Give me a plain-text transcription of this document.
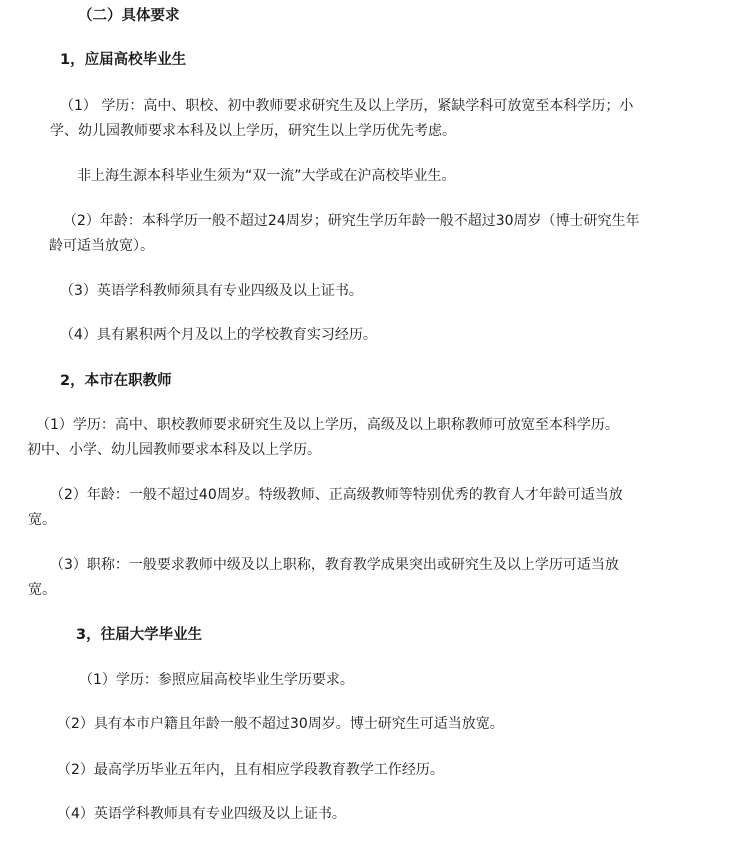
（二）具体要求
1，应届高校毕业生
（1） 学历：高中、职校、初中教师要求研究生及以上学历，紧缺学科可放宽至本科学历；小
学、幼儿园教师要求本科及以上学历，研究生以上学历优先考虑。
非上海生源本科毕业生须为“双一流”大学或在沪高校毕业生。
（2）年龄：本科学历一般不超过24周岁；研究生学历年龄一般不超过30周岁（博士研究生年
龄可适当放宽）。
（3）英语学科教师须具有专业四级及以上证书。
（4）具有累积两个月及以上的学校教育实习经历。
2，本市在职教师
（1）学历：高中、职校教师要求研究生及以上学历，高级及以上职称教师可放宽至本科学历。
初中、小学、幼儿园教师要求本科及以上学历。
（2）年龄：一般不超过40周岁。特级教师、正高级教师等特别优秀的教育人才年龄可适当放
宽。
（3）职称：一般要求教师中级及以上职称，教育教学成果突出或研究生及以上学历可适当放
宽。
3，往届大学毕业生
（1）学历：参照应届高校毕业生学历要求。
（2）具有本市户籍且年龄一般不超过30周岁。博士研究生可适当放宽。
（2）最高学历毕业五年内，且有相应学段教育教学工作经历。
（4）英语学科教师具有专业四级及以上证书。
